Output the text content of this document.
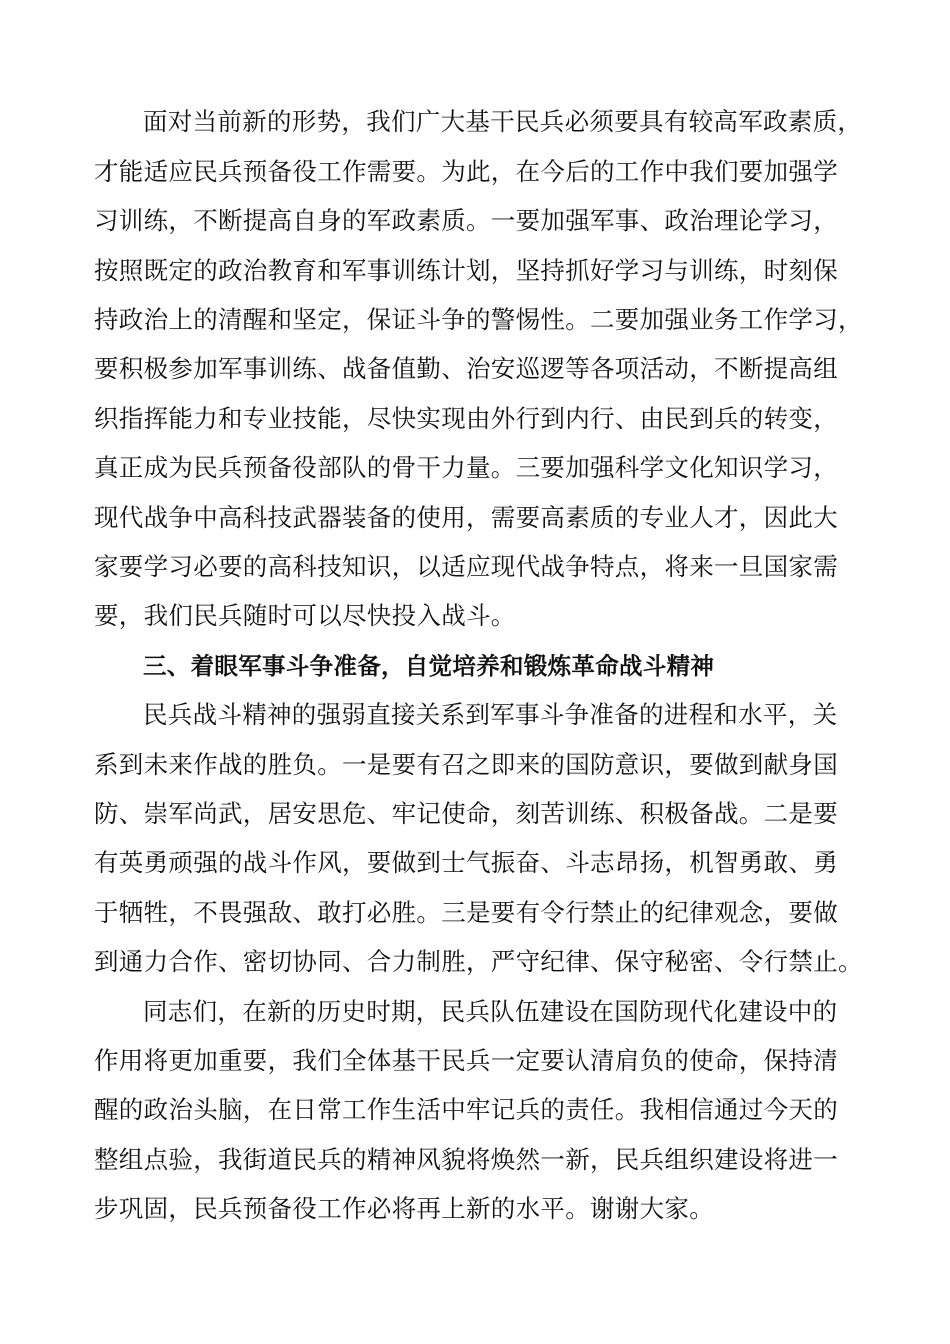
面对当前新的形势，我们广大基干民兵必须要具有较高军政素质，
才能适应民兵预备役工作需要。为此，在今后的工作中我们要加强学
习训练，不断提高自身的军政素质。一要加强军事、政治理论学习，
按照既定的政治教育和军事训练计划，坚持抓好学习与训练，时刻保
持政治上的清醒和坚定，保证斗争的警惕性。二要加强业务工作学习，
要积极参加军事训练、战备值勤、治安巡逻等各项活动，不断提高组
织指挥能力和专业技能，尽快实现由外行到内行、由民到兵的转变，
真正成为民兵预备役部队的骨干力量。三要加强科学文化知识学习，
现代战争中高科技武器装备的使用，需要高素质的专业人才，因此大
家要学习必要的高科技知识，以适应现代战争特点，将来一旦国家需
要，我们民兵随时可以尽快投入战斗。
三、着眼军事斗争准备，自觉培养和锻炼革命战斗精神
民兵战斗精神的强弱直接关系到军事斗争准备的进程和水平，关
系到未来作战的胜负。一是要有召之即来的国防意识，要做到献身国
防、崇军尚武，居安思危、牢记使命，刻苦训练、积极备战。二是要
有英勇顽强的战斗作风，要做到士气振奋、斗志昂扬，机智勇敢、勇
于牺牲，不畏强敌、敢打必胜。三是要有令行禁止的纪律观念，要做
到通力合作、密切协同、合力制胜，严守纪律、保守秘密、令行禁止。
同志们，在新的历史时期，民兵队伍建设在国防现代化建设中的
作用将更加重要，我们全体基干民兵一定要认清肩负的使命，保持清
醒的政治头脑，在日常工作生活中牢记兵的责任。我相信通过今天的
整组点验，我街道民兵的精神风貌将焕然一新，民兵组织建设将进一
步巩固，民兵预备役工作必将再上新的水平。谢谢大家。
